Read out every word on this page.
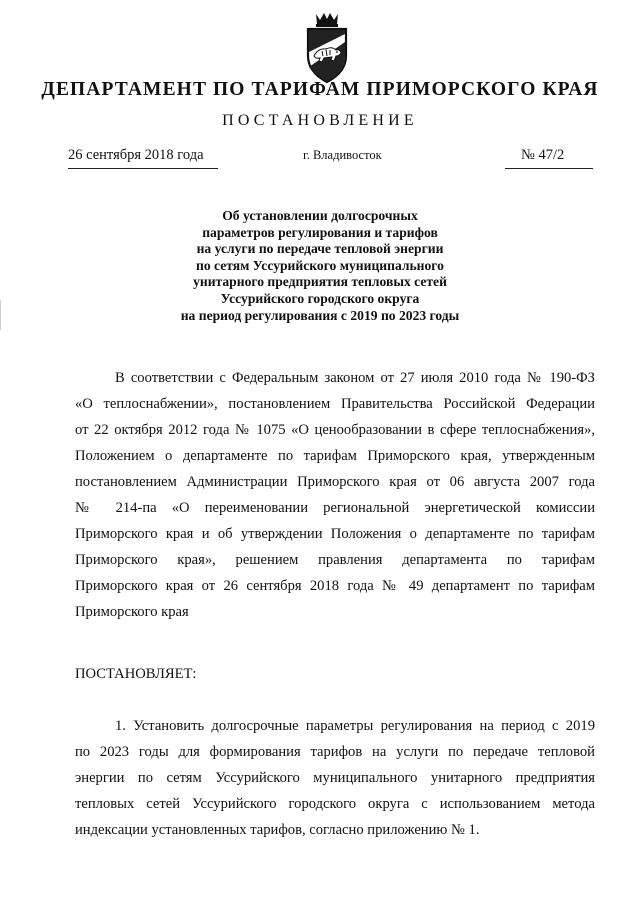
ДЕПАРТАМЕНТ ПО ТАРИФАМ ПРИМОРСКОГО КРАЯ
ПОСТАНОВЛЕНИЕ
26 сентября 2018 года	г. Владивосток	№ 47/2
Об установлении долгосрочных
параметров регулирования и тарифов
на услуги по передаче тепловой энергии
по сетям Уссурийского муниципального
унитарного предприятия тепловых сетей
Уссурийского городского округа
на период регулирования с 2019 по 2023 годы
В соответствии с Федеральным законом от 27 июля 2010 года № 190-ФЗ
«О теплоснабжении», постановлением Правительства Российской Федерации
от 22 октября 2012 года № 1075 «О ценообразовании в сфере теплоснабжения»,
Положением о департаменте по тарифам Приморского края, утвержденным
постановлением Администрации Приморского края от 06 августа 2007 года
№ 214-па «О переименовании региональной энергетической комиссии
Приморского края и об утверждении Положения о департаменте по тарифам
Приморского края», решением правления департамента по тарифам
Приморского края от 26 сентября 2018 года № 49 департамент по тарифам
Приморского края
ПОСТАНОВЛЯЕТ:
1. Установить долгосрочные параметры регулирования на период с 2019
по 2023 годы для формирования тарифов на услуги по передаче тепловой
энергии по сетям Уссурийского муниципального унитарного предприятия
тепловых сетей Уссурийского городского округа с использованием метода
индексации установленных тарифов, согласно приложению № 1.
